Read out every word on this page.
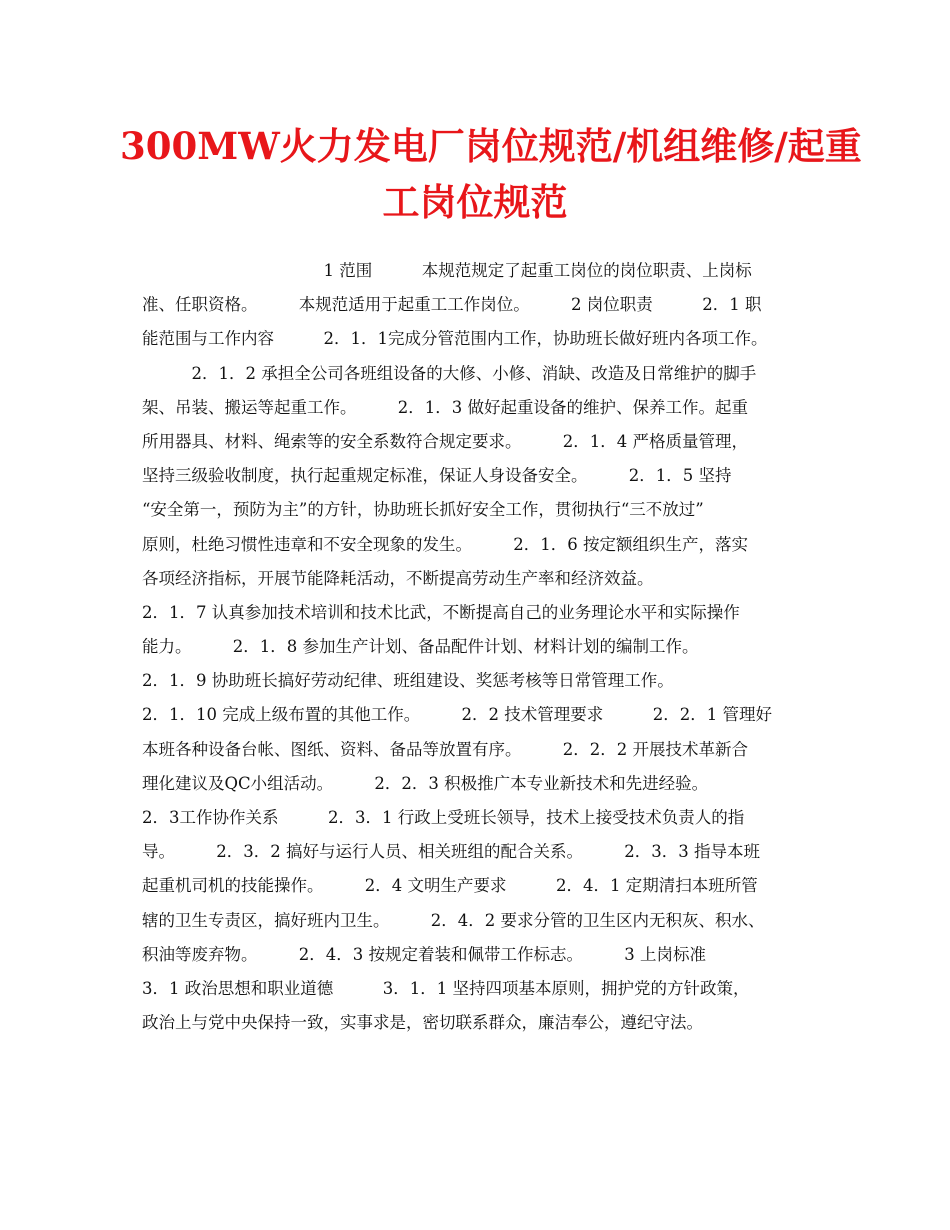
300MW火力发电厂岗位规范/机组维修/起重
工岗位规范
　　　　　　　　　　　1 范围　　　本规范规定了起重工岗位的岗位职责、上岗标
准、任职资格。　　　本规范适用于起重工工作岗位。　　　2 岗位职责　　　2．1 职
能范围与工作内容　　　2．1．1完成分管范围内工作，协助班长做好班内各项工作。
　　　2．1．2 承担全公司各班组设备的大修、小修、消缺、改造及日常维护的脚手
架、吊装、搬运等起重工作。　　　2．1．3 做好起重设备的维护、保养工作。起重
所用器具、材料、绳索等的安全系数符合规定要求。　　　2．1．4 严格质量管理，
坚持三级验收制度，执行起重规定标准，保证人身设备安全。　　　2．1．5 坚持
“安全第一，预防为主”的方针，协助班长抓好安全工作，贯彻执行“三不放过”
原则，杜绝习惯性违章和不安全现象的发生。　　　2．1．6 按定额组织生产，落实
各项经济指标，开展节能降耗活动，不断提高劳动生产率和经济效益。
2．1．7 认真参加技术培训和技术比武，不断提高自己的业务理论水平和实际操作
能力。　　　2．1．8 参加生产计划、备品配件计划、材料计划的编制工作。
2．1．9 协助班长搞好劳动纪律、班组建设、奖惩考核等日常管理工作。
2．1．10 完成上级布置的其他工作。　　　2．2 技术管理要求　　　2．2．1 管理好
本班各种设备台帐、图纸、资料、备品等放置有序。　　　2．2．2 开展技术革新合
理化建议及QC小组活动。　　　2．2．3 积极推广本专业新技术和先进经验。
2．3工作协作关系　　　2．3．1 行政上受班长领导，技术上接受技术负责人的指
导。　　　2．3．2 搞好与运行人员、相关班组的配合关系。　　　2．3．3 指导本班
起重机司机的技能操作。　　　2．4 文明生产要求　　　2．4．1 定期清扫本班所管
辖的卫生专责区，搞好班内卫生。　　　2．4．2 要求分管的卫生区内无积灰、积水、
积油等废弃物。　　　2．4．3 按规定着装和佩带工作标志。　　　3 上岗标准
3．1 政治思想和职业道德　　　3．1．1 坚持四项基本原则，拥护党的方针政策，
政治上与党中央保持一致，实事求是，密切联系群众，廉洁奉公，遵纪守法。
